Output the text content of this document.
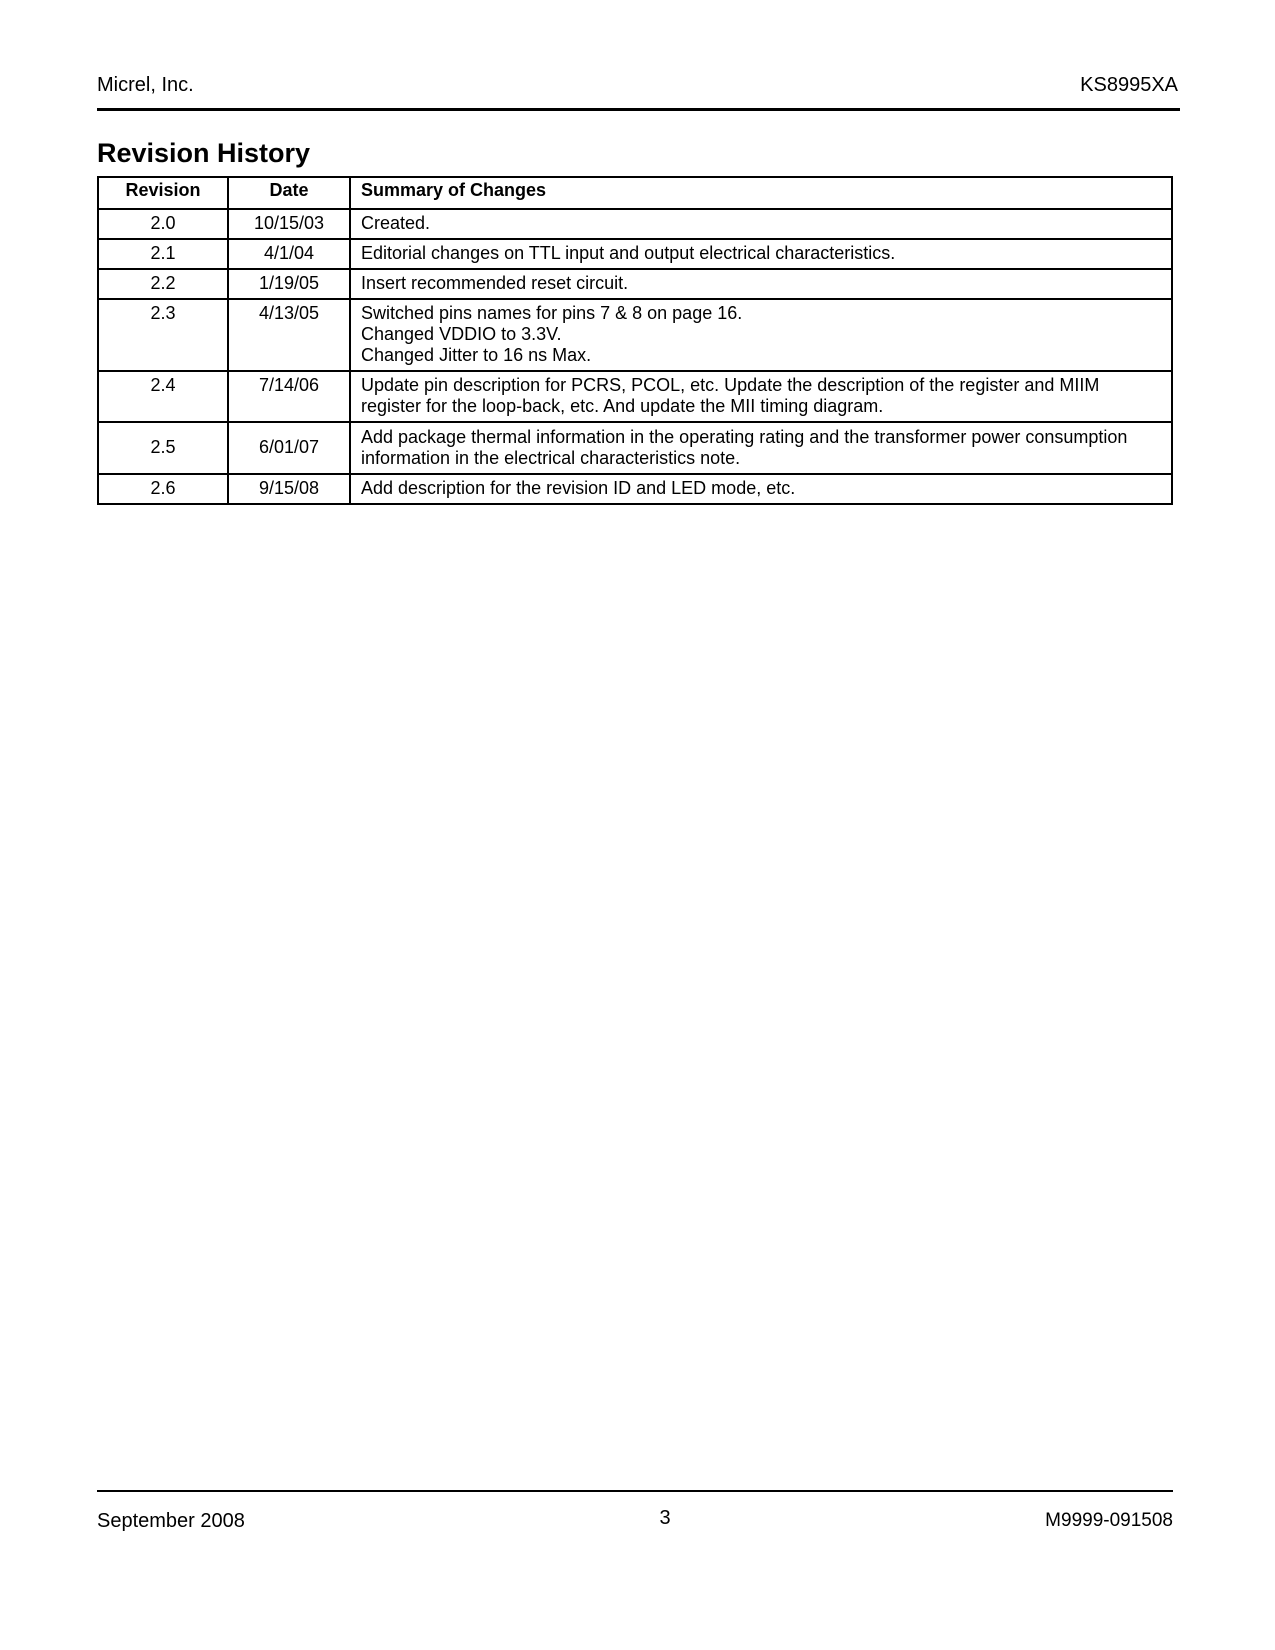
Micrel, Inc.	KS8995XA
Revision History
Revision	Date	Summary of Changes
2.0	10/15/03	Created.

2.1	4/1/04	Editorial changes on TTL input and output electrical characteristics.

2.2	1/19/05	Insert recommended reset circuit.

2.3	4/13/05	Switched pins names for pins 7 & 8 on page 16.
Changed VDDIO to 3.3V.
Changed Jitter to 16 ns Max.

2.4	7/14/06	Update pin description for PCRS, PCOL, etc. Update the description of the register and MIIM
register for the loop-back, etc. And update the MII timing diagram.

2.5	6/01/07	Add package thermal information in the operating rating and the transformer power consumption
information in the electrical characteristics note.

2.6	9/15/08	Add description for the revision ID and LED mode, etc.
September 2008	3	M9999-091508
